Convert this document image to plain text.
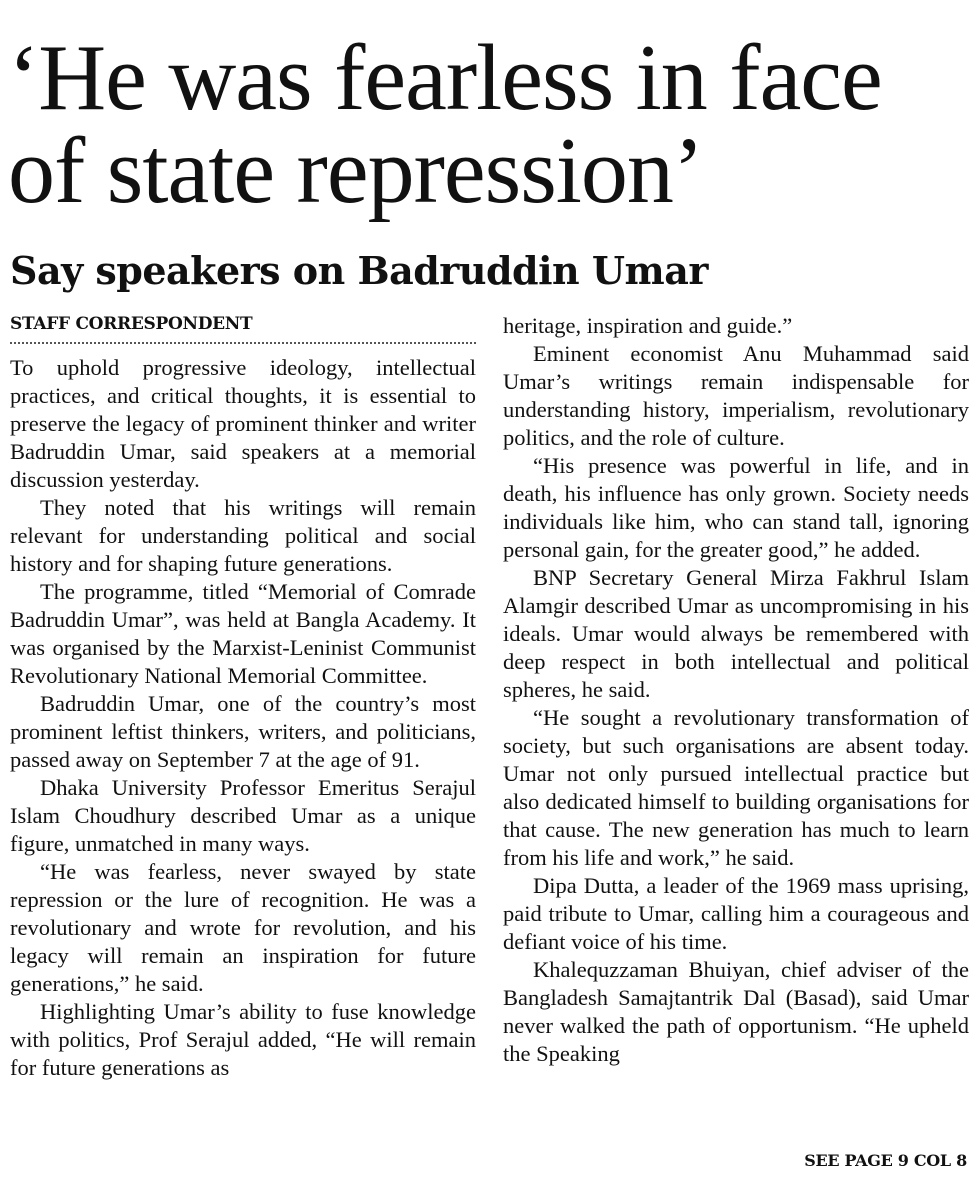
‘He was fearless in face of state repression’
Say speakers on Badruddin Umar
STAFF CORRESPONDENT

To uphold progressive ideology, intellectual practices, and critical thoughts, it is essential to preserve the legacy of prominent thinker and writer Badruddin Umar, said speakers at a memorial discussion yesterday.

They noted that his writings will remain relevant for understanding political and social history and for shaping future generations.

The programme, titled “Memorial of Comrade Badruddin Umar”, was held at Bangla Academy. It was organised by the Marxist-Leninist Communist Revolutionary National Memorial Committee.

Badruddin Umar, one of the country’s most prominent leftist thinkers, writers, and politicians, passed away on September 7 at the age of 91.

Dhaka University Professor Emeritus Serajul Islam Choudhury described Umar as a unique figure, unmatched in many ways.

“He was fearless, never swayed by state repression or the lure of recognition. He was a revolutionary and wrote for revolution, and his legacy will remain an inspiration for future generations,” he said.

Highlighting Umar’s ability to fuse knowledge with politics, Prof Serajul added, “He will remain for future generations as

heritage, inspiration and guide.”

Eminent economist Anu Muhammad said Umar’s writings remain indispensable for understanding history, imperialism, revolutionary politics, and the role of culture.

“His presence was powerful in life, and in death, his influence has only grown. Society needs individuals like him, who can stand tall, ignoring personal gain, for the greater good,” he added.

BNP Secretary General Mirza Fakhrul Islam Alamgir described Umar as uncompromising in his ideals. Umar would always be remembered with deep respect in both intellectual and political spheres, he said.

“He sought a revolutionary transformation of society, but such organisations are absent today. Umar not only pursued intellectual practice but also dedicated himself to building organisations for that cause. The new generation has much to learn from his life and work,” he said.

Dipa Dutta, a leader of the 1969 mass uprising, paid tribute to Umar, calling him a courageous and defiant voice of his time.

Khalequzzaman Bhuiyan, chief adviser of the Bangladesh Samajtantrik Dal (Basad), said Umar never walked the path of opportunism. “He upheld the Speaking

SEE PAGE 9 COL 8
